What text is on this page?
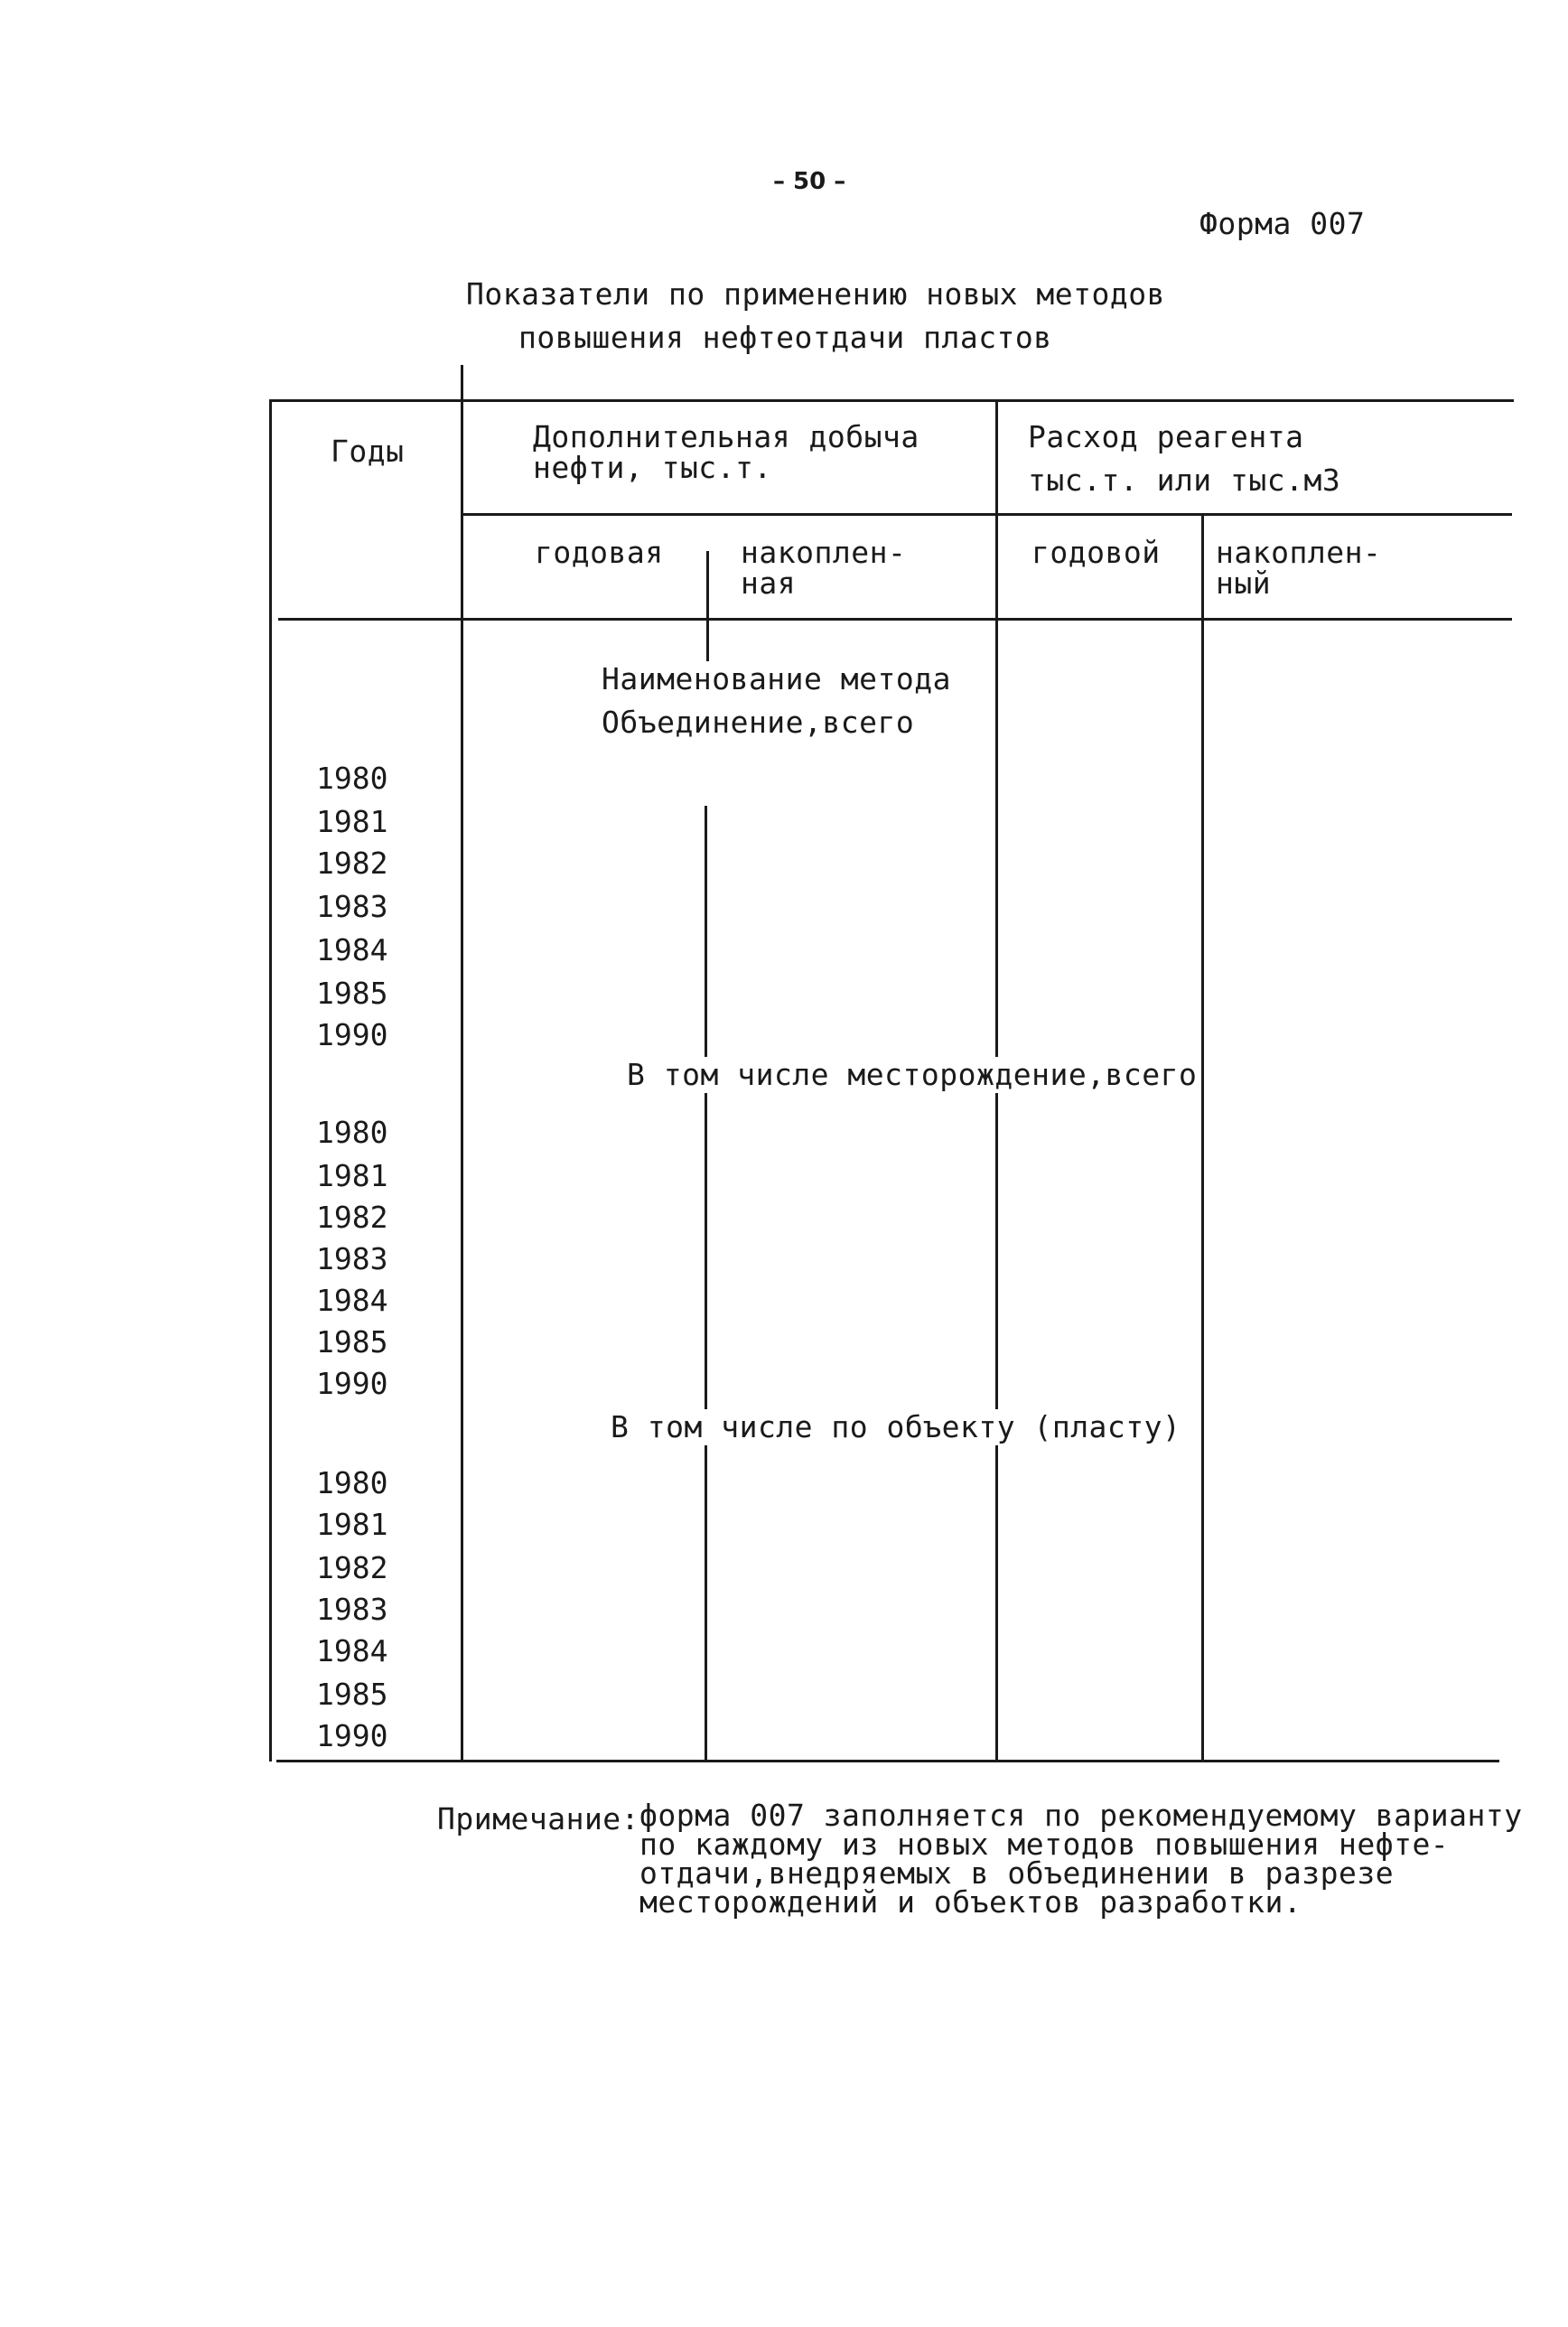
– 50 –
Форма 007
Показатели по применению новых методов
повышения нефтеотдачи пластов
Годы	Дополнительная добыча
нефти, тыс.т.
Расход реагента
тыс.т. или тыс.м3
годовая	накоплен-
ная
годовой накоплен-
ный
Наименование метода
Объединение,всего
1980
1981
1982
1983
1984
1985
1990
В том числе месторождение,всего
1980
1981
1982
1983
1984
1985
1990
В том числе по объекту (пласту)
1980
1981
1982
1983
1984
1985
1990
Примечание: форма 007 заполняется по рекомендуемому варианту
по каждому из новых методов повышения нефте-
отдачи,внедряемых в объединении в разрезе
месторождений и объектов разработки.
